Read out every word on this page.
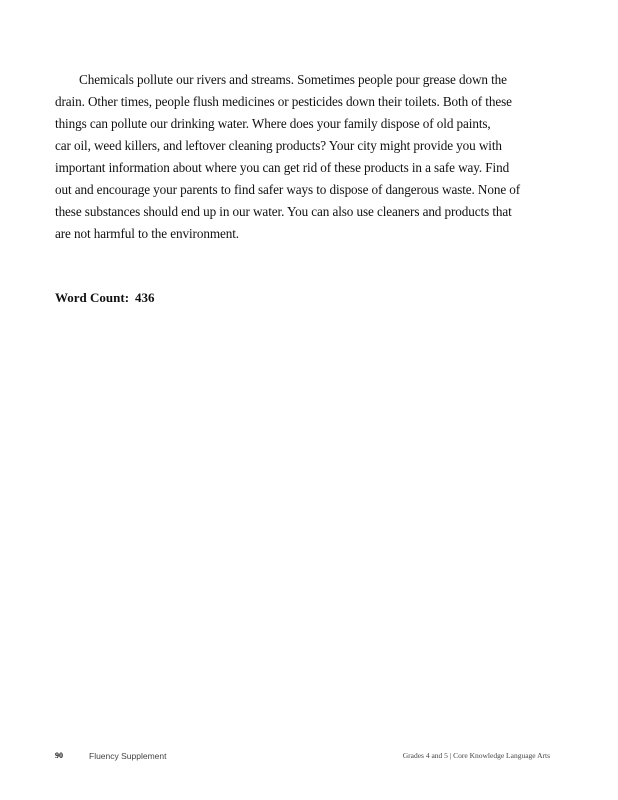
Chemicals pollute our rivers and streams. Sometimes people pour grease down the
drain. Other times, people flush medicines or pesticides down their toilets. Both of these
things can pollute our drinking water. Where does your family dispose of old paints,
car oil, weed killers, and leftover cleaning products? Your city might provide you with
important information about where you can get rid of these products in a safe way. Find
out and encourage your parents to find safer ways to dispose of dangerous waste. None of
these substances should end up in our water. You can also use cleaners and products that
are not harmful to the environment.

Word Count: 436

90	Fluency Supplement	Grades 4 and 5 | Core Knowledge Language Arts
